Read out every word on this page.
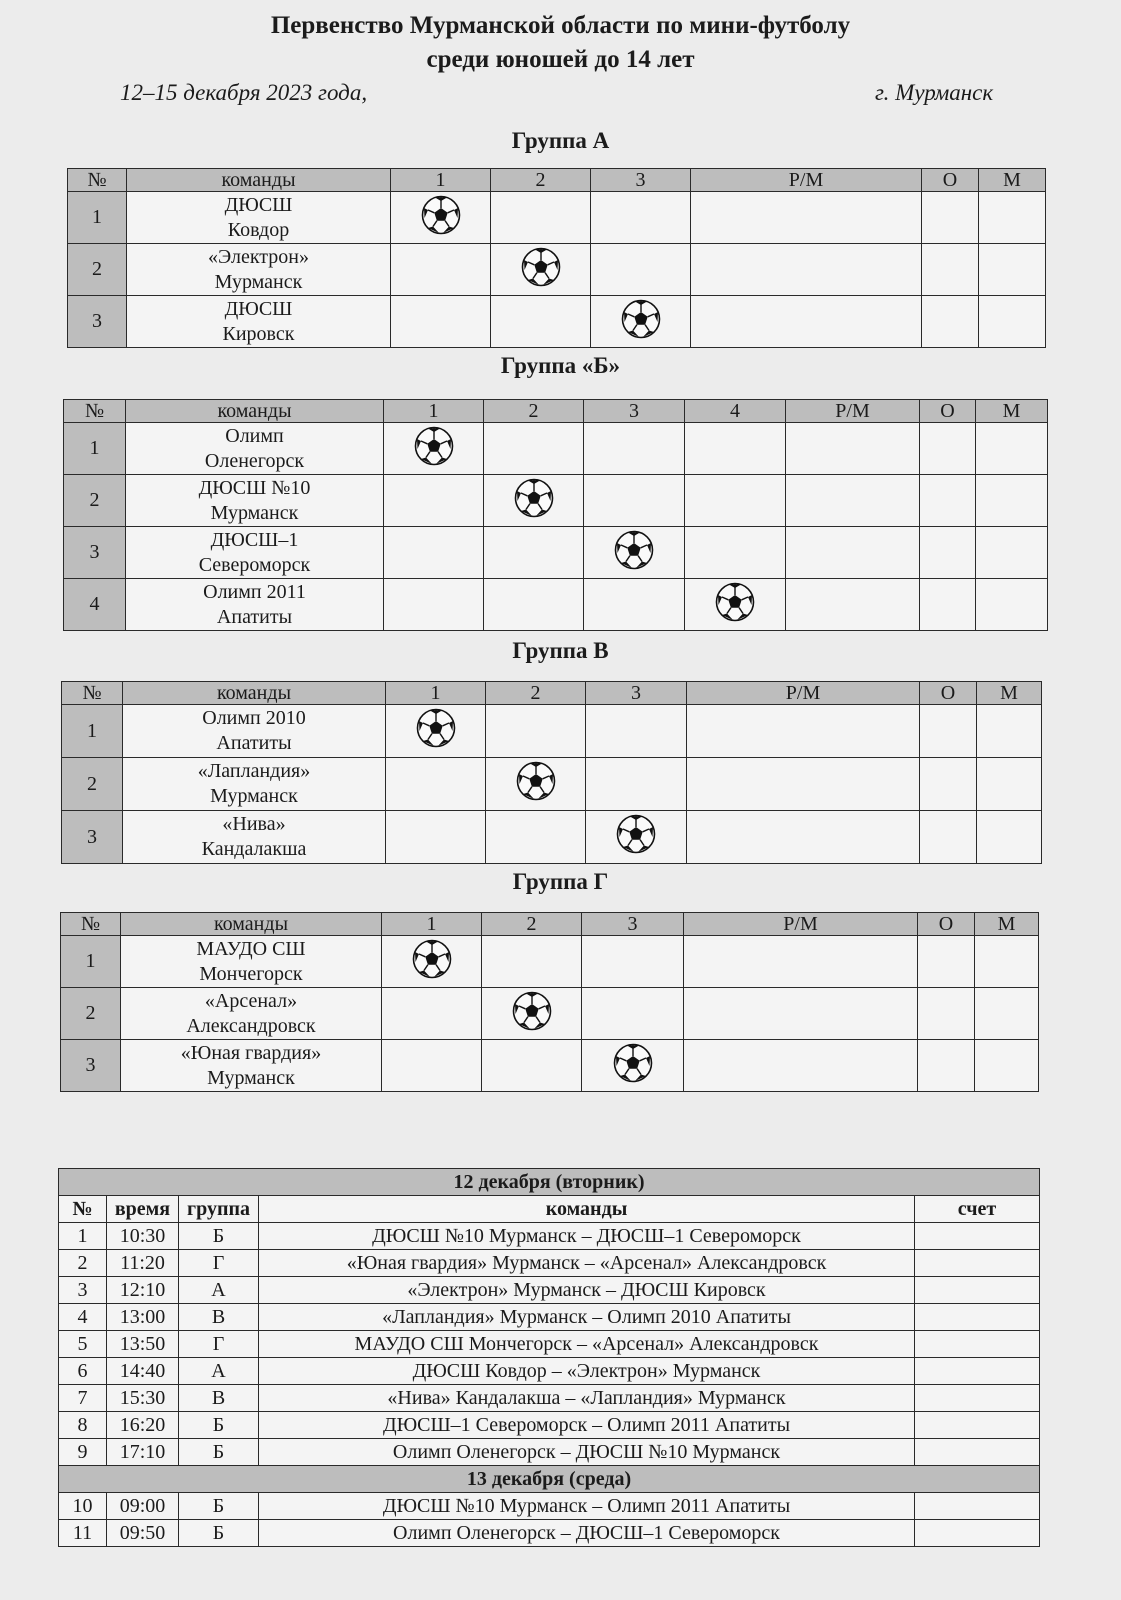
Первенство Мурманской области по мини-футболу
среди юношей до 14 лет
12–15 декабря 2023 года,	г. Мурманск
Группа А
№	команды	1	2	3	Р/М	О	М
1	ДЮСШ
Ковдор

2	«Электрон»
Мурманск

3	ДЮСШ
Кировск

Группа «Б»
№	команды	1	2	3	4	Р/М	О	М
1	Олимп
Оленегорск

2	ДЮСШ №10
Мурманск

3	ДЮСШ–1
Североморск

4	Олимп 2011
Апатиты

Группа В
№	команды	1	2	3	Р/М	О	М
1	Олимп 2010
Апатиты

2	«Лапландия»
Мурманск

3	«Нива»
Кандалакша

Группа Г
№	команды	1	2	3	Р/М	О	М
1	МАУДО СШ
Мончегорск

2	«Арсенал»
Александровск

3	«Юная гвардия»
Мурманск

12 декабря (вторник)				
№	время	группа	команды	счет
1	10:30	Б	ДЮСШ №10 Мурманск – ДЮСШ–1 Североморск	
2	11:20	Г	«Юная гвардия» Мурманск – «Арсенал» Александровск	
3	12:10	А	«Электрон» Мурманск – ДЮСШ Кировск	
4	13:00	В	«Лапландия» Мурманск – Олимп 2010 Апатиты	
5	13:50	Г	МАУДО СШ Мончегорск – «Арсенал» Александровск	
6	14:40	А	ДЮСШ Ковдор – «Электрон» Мурманск	
7	15:30	В	«Нива» Кандалакша – «Лапландия» Мурманск	
8	16:20	Б	ДЮСШ–1 Североморск – Олимп 2011 Апатиты	
9	17:10	Б	Олимп Оленегорск – ДЮСШ №10 Мурманск	
13 декабря (среда)				
10	09:00	Б	ДЮСШ №10 Мурманск – Олимп 2011 Апатиты	
11	09:50	Б	Олимп Оленегорск – ДЮСШ–1 Североморск	
